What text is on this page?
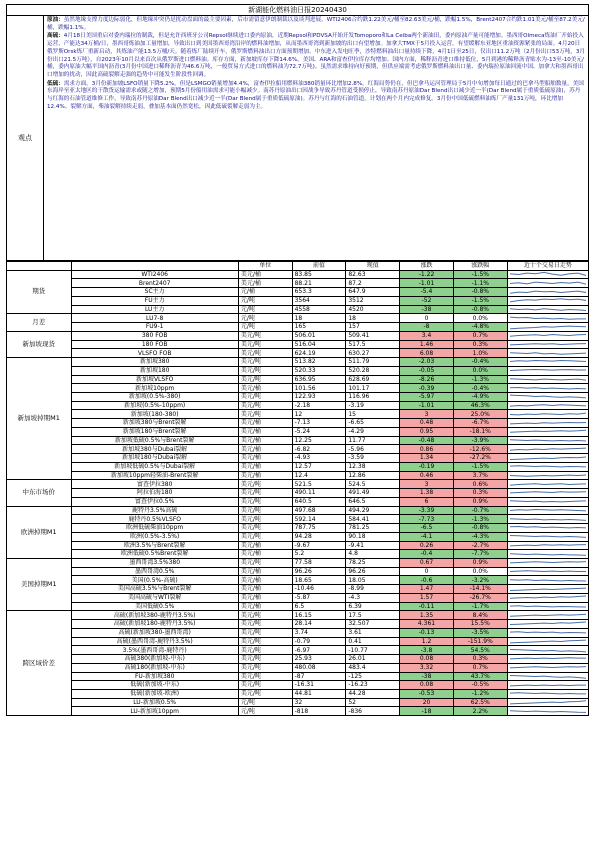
新湖能化燃料油日报20240430
观点

原油：虽然地缘支撑力度边际弱化，但地缘冲突仍是扰动盘面的最主要因素，后市需留意伊朗制裁以及谈判进展。WTI2406合约跌1.22美元/桶至82.63美元/桶，跌幅1.5%，Brent2407合约跌1.01美元/桶至87.2美元/桶，跌幅1.1%。

高硫：4月18日美国重启对委内瑞拉的制裁，但是允许西班牙公司Repsol继续进口委内原油，近期Repsol和PDVSA开始开发Tomoporo和La Ceiba两个新油田，委内原油产量可能增加。墨西哥Olmeca炼油厂开始投入运营，产能达34万桶/日，墨西哥炼油加工量增加，导致出口到美国墨西哥湾沿岸的燃料油增加，从而墨西哥湾到新加坡的出口有望增加。加拿大TMX于5月投入运营，有望缓解东亚地区重油资源紧张的局面。4月20日俄罗斯Orsk炼厂重新启动，其炼油产能13.5万桶/天。随着炼厂陆续开车，俄罗斯燃料油出口方面预期增加。中东进入发电旺季，沙特燃料油出口量持续下降，4月1日至25日，仅出口11.2万吨（2月份出口53万吨，3月份出口21.5万吨），自2023年10月以来首次从俄罗斯进口燃料油。库存方面，新加坡库存下降14.6%，美国、ARA和富查伊拉库存均增加。国内方面，稀释沥青进口维持低位，5月到港的稀释沥青贴水为-13至-10美元/桶，委内原油大幅平国内沥青(3月份中国进口稀释沥青为46.6万吨，一般贸易方式进口的燃料油为72.7万吨)。虽然需求维持向好预期，但供应端需考虑俄罗斯燃料油出口量、委内瑞拉原油回流中国、加拿大和墨西哥出口增加的扰动，因此高硫裂解走强的趋势中可能发生阶段性回调。

低硫：需求方面，3月份新加坡LSFO销量下降5.2%，但是LSMGO销量增加4.4%，富查伊拉船用燃料油380销量环比增加2.8%。红海局势仍在，但巴拿马运河管理局于5月中旬增加每日通过的巴拿马型船舶数量，美国东海岸至亚太地区的干散货运输需求或随之增加，预期5月份船用油需求可能小幅减少。南苏丹原油出口因战争导致苏丹管道受损停止，导致南苏丹原油Dar Blend出口减少近一半(Dar Blend属于重质低硫原油)，苏丹与红海的石油管道维修工作，导致南苏丹原油Dar Blend出口减少近一半(Dar Blend属于重质低硫原油)。苏丹与红海的石油管道，计划在两个月内完成修复。3月份中国低硫燃料油炼厂产量131万吨，环比增加12.4%。裂解方面，柴油裂解持续走弱，叠加基本面仍然宽松，因此低硫裂解走弱为主。

		单位	前值	现值	涨跌	涨跌幅	近十个交易日走势
期货	WTI2406	美元/桶	83.85	82.63	-1.22	-1.5%	

	Brent2407	美元/桶	88.21	87.2	-1.01	-1.1%	

	SC主力	元/桶	653.3	647.9	-5.4	-0.8%	

	FU主力	元/吨	3564	3512	-52	-1.5%	

	LU主力	元/吨	4558	4520	-38	-0.8%	

月差	LU7-8	元/吨	18	18	0	0.0%	

	FU9-1	元/吨	165	157	-8	-4.8%	

新加坡现货	380 FOB	美元/吨	506.01	509.41	3.4	0.7%	

	180 FOB	美元/吨	516.04	517.5	1.46	0.3%	

	VLSFO FOB	美元/吨	624.19	630.27	6.08	1.0%	

新加坡掉期M1	新加坡380	美元/吨	513.82	511.79	-2.03	-0.4%	

	新加坡180	美元/吨	520.33	520.28	-0.05	0.0%	

	新加坡VLSFO	美元/吨	636.95	628.69	-8.26	-1.3%	

	新加坡10ppm	美元/桶	101.56	101.17	-0.39	-0.4%	

	新加坡(0.5%-380)	美元/吨	122.93	116.96	-5.97	-4.9%	

	新加坡(0.5%-10ppm)	美元/吨	-2.18	-3.19	-1.01	46.3%	

	新加坡(180-380)	美元/吨	12	15	3	25.0%	

	新加坡380与Brent裂解	美元/桶	-7.13	-6.65	0.48	-6.7%	

	新加坡180与Brent裂解	美元/桶	-5.24	-4.29	0.95	-18.1%	

	新加坡低硫0.5%与Brent裂解	美元/桶	12.25	11.77	-0.48	-3.9%	

	新加坡380与Dubai裂解	美元/桶	-6.82	-5.96	0.86	-12.6%	

	新加坡180与Dubai裂解	美元/桶	-4.93	-3.59	1.34	-27.2%	

	新加坡低硫0.5%与Dubai裂解	美元/桶	12.57	12.38	-0.19	-1.5%	

	新加坡10ppm轻柴油-Brent裂解	美元/桶	12.4	12.86	0.46	3.7%	

中东市场价	富查伊拉380	美元/吨	521.5	524.5	3	0.6%	

	阿拉伯海180	美元/吨	490.11	491.49	1.38	0.3%	

	富查伊拉0.5%	美元/吨	640.5	646.5	6	0.9%	

欧洲掉期M1	鹿特丹3.5%高硫	美元/吨	497.68	494.29	-3.39	-0.7%	

	鹿特丹0.5%VLSFO	美元/吨	592.14	584.41	-7.73	-1.3%	

	欧洲低硫柴油10ppm	美元/吨	787.75	781.25	-6.5	-0.8%	

	欧洲(0.5%-3.5%)	美元/吨	94.28	90.18	-4.1	-4.3%	

	欧洲3.5%与Brent裂解	美元/桶	-9.67	-9.41	0.26	-2.7%	

	欧洲低硫0.5%Brent裂解	美元/桶	5.2	4.8	-0.4	-7.7%	

美国掉期M1	墨西哥湾3.5%380	美元/吨	77.58	78.25	0.67	0.9%	

	墨西哥湾0.5%	美元/桶	96.26	96.26	0	0.0%	

	美国(0.5%-高硫)	美元/桶	18.65	18.05	-0.6	-3.2%	

	美国高硫3.5%与Brent裂解	美元/桶	-10.46	-8.99	1.47	-14.1%	

	美国高硫与WTI裂解	美元/桶	-5.87	-4.3	1.57	-26.7%	

	美国低硫0.5%	美元/桶	6.5	6.39	-0.11	-1.7%	

跨区域价差	高硫(新加坡380-鹿特丹3.5%)	美元/吨	16.15	17.5	1.35	8.4%	

	高硫(新加坡180-鹿特丹3.5%)	美元/吨	28.14	32.507	4.361	15.5%	

	高硫(新加坡380-墨西哥湾)	美元/吨	3.74	3.61	-0.13	-3.5%	

	高硫(墨西哥湾-鹿特丹3.5%)	美元/吨	-0.79	0.41	1.2	-151.9%	

	3.5%(墨西哥湾-鹿特丹)	美元/吨	-6.97	-10.77	-3.8	54.5%	

	高硫380(新加坡-中东)	美元/吨	25.93	26.01	0.08	0.3%	

	高硫180(新加坡-中东)	美元/吨	480.08	483.4	3.32	0.7%	

	FU-新加坡380	美元/吨	-87	-125	-38	43.7%	

	低硫(新加坡-中东)	美元/吨	-16.31	-16.23	0.08	-0.5%	

	低硫(新加坡-欧洲)	美元/吨	44.81	44.28	-0.53	-1.2%	

	LU-新加坡0.5%	元/吨	32	52	20	62.5%	

	LU-新加坡10ppm	元/吨	-818	-836	-18	2.2%	
